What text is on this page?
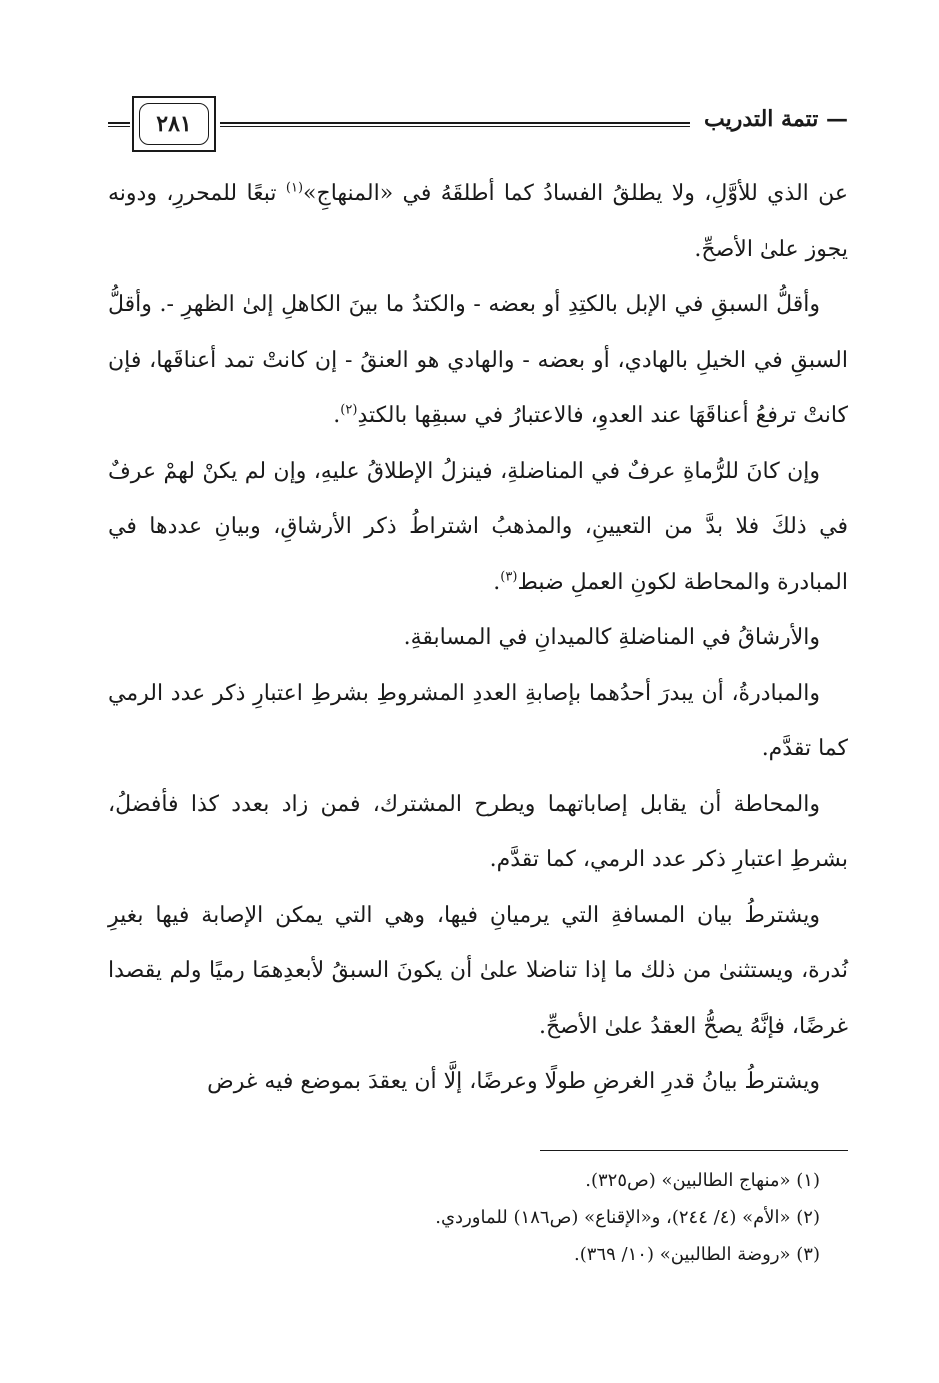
٢٨١	— تتمة التدريب

عن الذي للأوَّلِ، ولا يطلقُ الفسادُ كما أطلقَهُ في «المنهاجِ»$^{(١)}$ تبعًا للمحررِ، ودونه يجوز علىٰ الأصحِّ.

وأقلُّ السبقِ في الإبل بالكتِدِ أو بعضه - والكتدُ ما بينَ الكاهلِ إلىٰ الظهرِ -. وأقلُّ السبقِ في الخيلِ بالهادي، أو بعضه - والهادي هو العنقُ - إن كانتْ تمد أعناقَها، فإن كانتْ ترفعُ أعناقَهَا عند العدوِ، فالاعتبارُ في سبقِها بالكتدِ$^{(٢)}$.

وإن كانَ للرُّماةِ عرفٌ في المناضلةِ، فينزلُ الإطلاقُ عليهِ، وإن لم يكنْ لهمْ عرفٌ في ذلكَ فلا بدَّ من التعيينِ، والمذهبُ اشتراطُ ذكر الأرشاقِ، وبيانِ عددها في المبادرة والمحاطة لكونِ العملِ ضبط$^{(٣)}$.

والأرشاقُ في المناضلةِ كالميدانِ في المسابقةِ.

والمبادرةُ، أن يبدرَ أحدُهما بإصابةِ العددِ المشروطِ بشرطِ اعتبارِ ذكر عدد الرمي كما تقدَّم.

والمحاطة أن يقابل إصاباتهما ويطرح المشترك، فمن زاد بعدد كذا فأفضلُ، بشرطِ اعتبارِ ذكر عدد الرمي، كما تقدَّم.

ويشترطُ بيان المسافةِ التي يرميانِ فيها، وهي التي يمكن الإصابة فيها بغيرِ نُدرة، ويستثنىٰ من ذلك ما إذا تناضلا علىٰ أن يكونَ السبقُ لأبعدِهمَا رميًا ولم يقصدا غرضًا، فإنَّهُ يصحُّ العقدُ علىٰ الأصحِّ.

ويشترطُ بيانُ قدرِ الغرضِ طولًا وعرضًا، إلَّا أن يعقدَ بموضع فيه غرض

(١) «منهاج الطالبين» (ص٣٢٥).
(٢) «الأم» (٤/ ٢٤٤)، و«الإقناع» (ص١٨٦) للماوردي.
(٣) «روضة الطالبين» (١٠/ ٣٦٩).
